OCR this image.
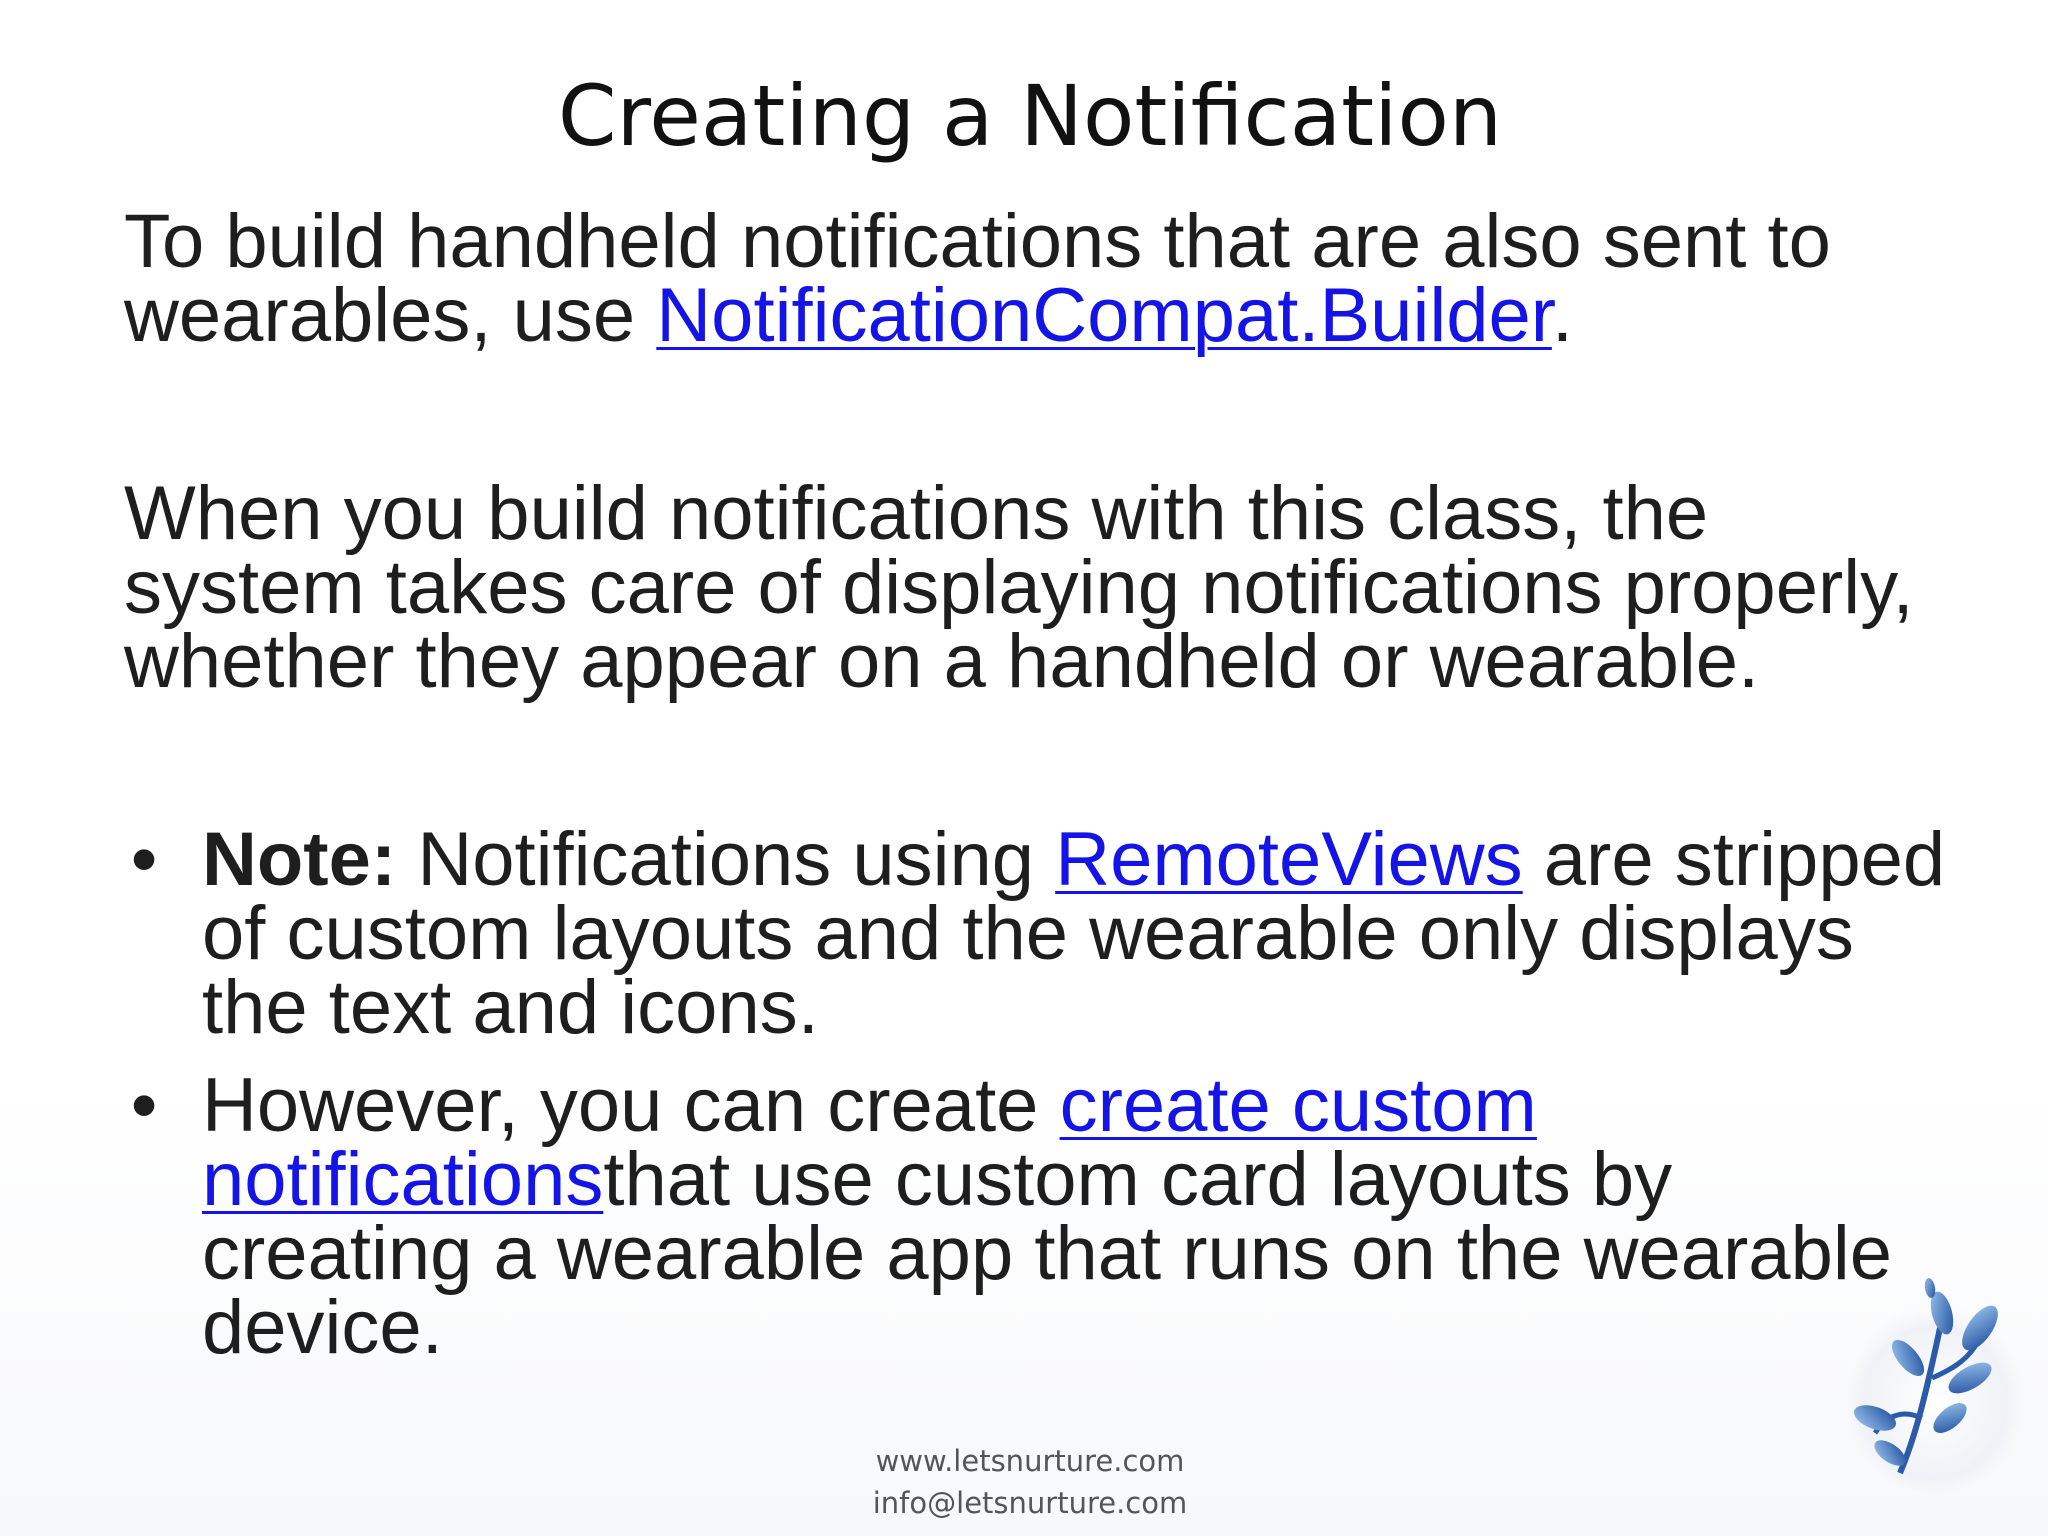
Creating a Notification

To build handheld notifications that are also sent to wearables, use NotificationCompat.Builder.

When you build notifications with this class, the system takes care of displaying notifications properly, whether they appear on a handheld or wearable.

• Note: Notifications using RemoteViews are stripped of custom layouts and the wearable only displays the text and icons.
• However, you can create create custom notificationsthat use custom card layouts by creating a wearable app that runs on the wearable device.
www.letsnurture.com
info@letsnurture.com
